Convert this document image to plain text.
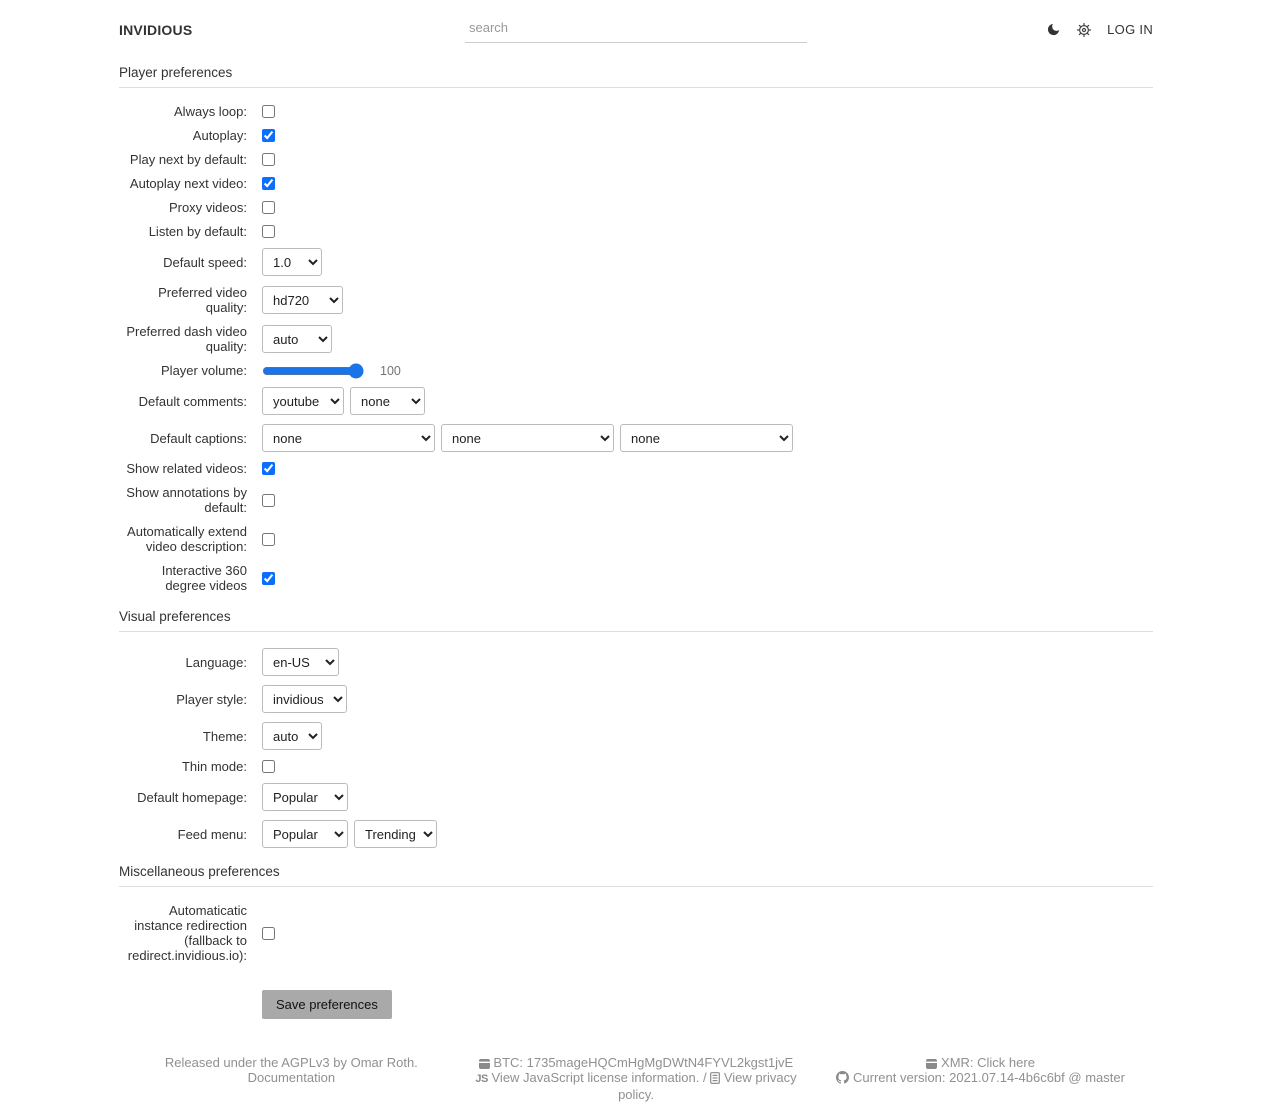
INVIDIOUS
search	LOG IN
Player preferences
Always loop:
Autoplay:
Play next by default:
Autoplay next video:
Proxy videos:
Listen by default:
Default speed:
1.0
Preferred video quality:
hd720
Preferred dash video quality:
auto
Player volume:	100
Default comments:
youtube
none
Default captions:
none
none
none
Show related videos:
Show annotations by default:
Automatically extend video description:
Interactive 360 degree videos
Visual preferences
Language:
en-US
Player style:
invidious
Theme:
auto
Thin mode:
Default homepage:
Popular
Feed menu:
Popular
Trending
Miscellaneous preferences
Automaticatic instance redirection (fallback to redirect.invidious.io):
Save preferences
Released under the AGPLv3 by Omar Roth.
Documentation
BTC: 1735mageHQCmHgMgDWtN4FYVL2kgst1jvE
JS View JavaScript license information. / View privacy policy.
XMR: Click here

Current version: 2021.07.14-4b6c6bf @ master
